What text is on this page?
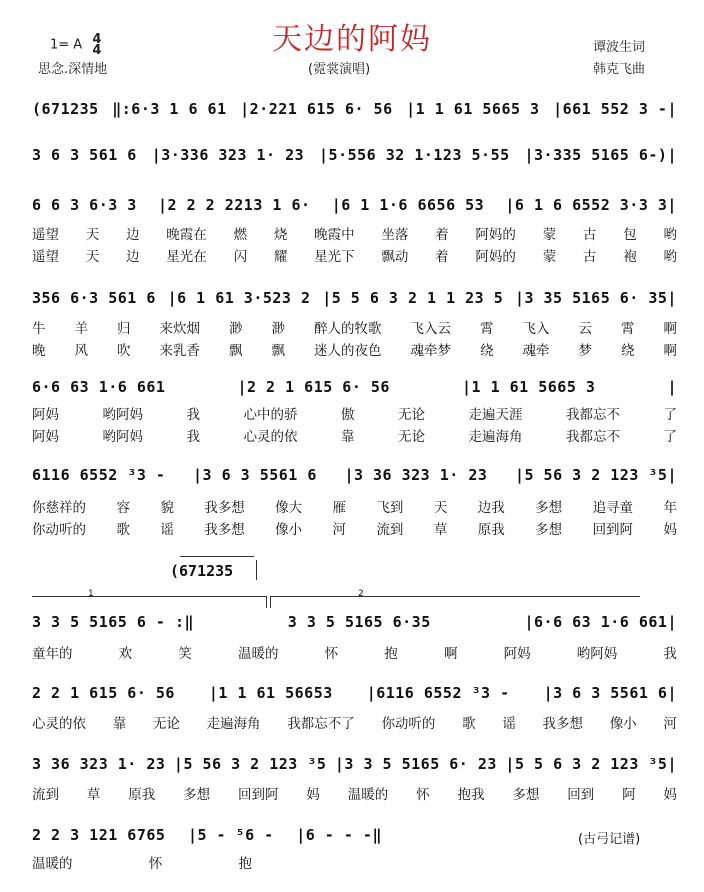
天边的阿妈
1= A 4
4
思念.深情地	(霓裳演唱)
谭波生词
韩克飞曲
(671235 ‖:6·3 1 6 61 |2·221 615 6· 56 |1 1 61 5665 3 |661 552 3 -|
3 6 3 561 6 |3·336 323 1· 23 |5·556 32 1·123 5·55 |3·335 5165 6-)|
6 6 3 6·3 3 |2 2 2 2213 1 6· |6 1 1·6 6656 53 |6 1 6 6552 3·3 3|
遥望 天 边 晚霞在 燃 烧 晚霞中 坐落 着 阿妈的 蒙 古 包 哟
遥望 天 边 星光在 闪 耀 星光下 飘动 着 阿妈的 蒙 古 袍 哟
356 6·3 561 6 |6 1 61 3·523 2 |5 5 6 3 2 1 1 23 5 |3 35 5165 6· 35|
牛 羊 归 来炊烟 渺 渺 醉人的牧歌 飞入云 霄 飞入 云 霄 啊
晚 风 吹 来乳香 飘 飘 迷人的夜色 魂牵梦 绕 魂牵 梦 绕 啊
6·6 63 1·6 661	|2 2 1 615 6· 56	|1 1 61 5665 3	|
阿妈	哟阿妈	我	心中的骄	傲	无论	走遍天涯	我都忘不	了
阿妈	哟阿妈	我	心灵的依	靠	无论	走遍海角	我都忘不	了
6116 6552 ³3 - |3 6 3 5561 6 |3 36 323 1· 23 |5 56 3 2 123 ³5|
你慈祥的 容 貌 我多想 像大 雁 飞到 天 边我 多想 追寻童 年
你动听的 歌 谣 我多想 像小 河 流到 草 原我 多想 回到阿 妈
(671235
1	2
3 3 5 5165 6 - :‖	3 3 5 5165 6·35	|6·6 63 1·6 661|
童年的	欢	笑	温暖的	怀	抱	啊	阿妈	哟阿妈	我
2 2 1 615 6· 56 |1 1 61 56653 |6116 6552 ³3 - |3 6 3 5561 6|
心灵的依 靠 无论 走遍海角 我都忘不了 你动听的 歌 谣 我多想 像小 河
3 36 323 1· 23 |5 56 3 2 123 ³5 |3 3 5 5165 6· 23 |5 5 6 3 2 123 ³5|
流到 草 原我 多想 回到阿 妈 温暖的 怀 抱我 多想 回到 阿 妈
2 2 3 121 6765 |5 - ⁵6 - |6 - - -‖
温暖的	怀	抱
(古弓记谱)
